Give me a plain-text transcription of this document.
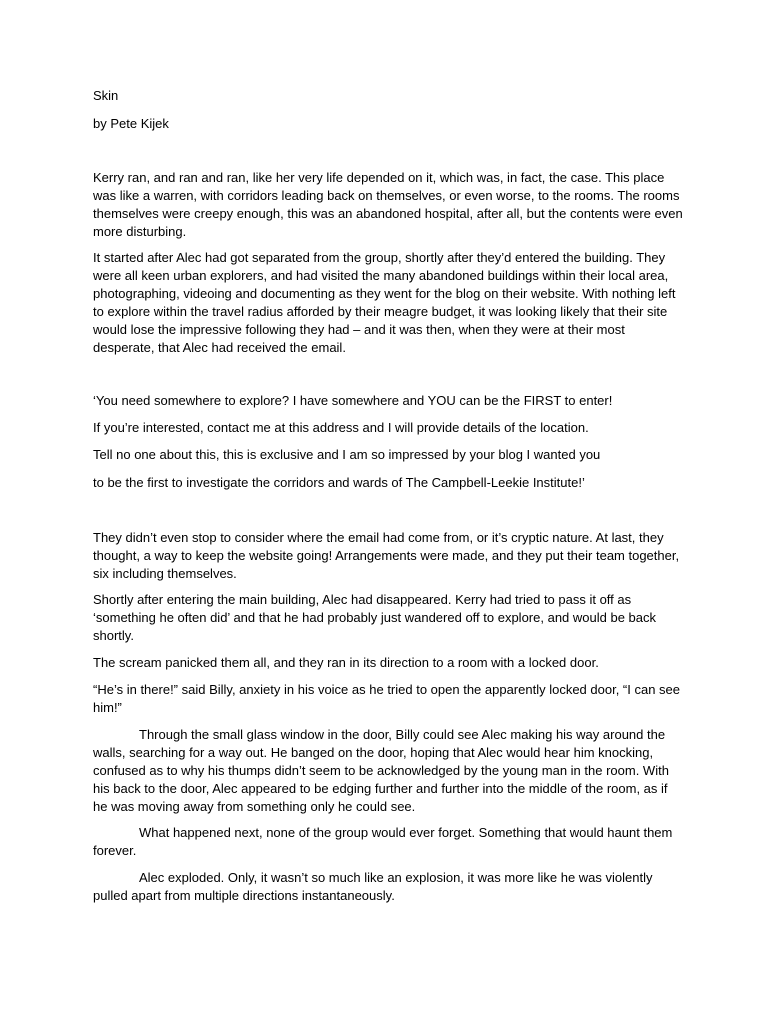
Skin

by Pete Kijek

Kerry ran, and ran and ran, like her very life depended on it, which was, in fact, the case. This place was like a warren, with corridors leading back on themselves, or even worse, to the rooms. The rooms themselves were creepy enough, this was an abandoned hospital, after all, but the contents were even more disturbing.

It started after Alec had got separated from the group, shortly after they’d entered the building. They were all keen urban explorers, and had visited the many abandoned buildings within their local area, photographing, videoing and documenting as they went for the blog on their website. With nothing left to explore within the travel radius afforded by their meagre budget, it was looking likely that their site would lose the impressive following they had – and it was then, when they were at their most desperate, that Alec had received the email.

‘You need somewhere to explore? I have somewhere and YOU can be the FIRST to enter!

If you’re interested, contact me at this address and I will provide details of the location.

Tell no one about this, this is exclusive and I am so impressed by your blog I wanted you

to be the first to investigate the corridors and wards of The Campbell-Leekie Institute!’

They didn’t even stop to consider where the email had come from, or it’s cryptic nature. At last, they thought, a way to keep the website going! Arrangements were made, and they put their team together, six including themselves.

Shortly after entering the main building, Alec had disappeared. Kerry had tried to pass it off as ‘something he often did’ and that he had probably just wandered off to explore, and would be back shortly.

The scream panicked them all, and they ran in its direction to a room with a locked door.

“He’s in there!” said Billy, anxiety in his voice as he tried to open the apparently locked door, “I can see him!”

Through the small glass window in the door, Billy could see Alec making his way around the walls, searching for a way out. He banged on the door, hoping that Alec would hear him knocking, confused as to why his thumps didn’t seem to be acknowledged by the young man in the room. With his back to the door, Alec appeared to be edging further and further into the middle of the room, as if he was moving away from something only he could see.

What happened next, none of the group would ever forget. Something that would haunt them forever.

Alec exploded. Only, it wasn’t so much like an explosion, it was more like he was violently pulled apart from multiple directions instantaneously.
